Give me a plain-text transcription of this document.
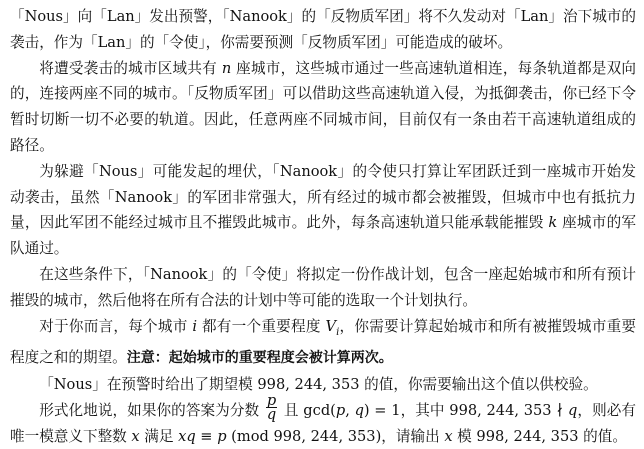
「Nous」向「Lan」发出预警，「Nanook」的「反物质军团」将不久发动对「Lan」治下城市的袭击，作为「Lan」的「令使」，你需要预测「反物质军团」可能造成的破坏。

将遭受袭击的城市区域共有 n 座城市，这些城市通过一些高速轨道相连，每条轨道都是双向的，连接两座不同的城市。「反物质军团」可以借助这些高速轨道入侵，为抵御袭击，你已经下令暂时切断一切不必要的轨道。因此，任意两座不同城市间，目前仅有一条由若干高速轨道组成的路径。

为躲避「Nous」可能发起的埋伏，「Nanook」的令使只打算让军团跃迁到一座城市开始发动袭击，虽然「Nanook」的军团非常强大，所有经过的城市都会被摧毁，但城市中也有抵抗力量，因此军团不能经过城市且不摧毁此城市。此外，每条高速轨道只能承载能摧毁 k 座城市的军队通过。

在这些条件下，「Nanook」的「令使」将拟定一份作战计划，包含一座起始城市和所有预计摧毁的城市，然后他将在所有合法的计划中等可能的选取一个计划执行。

对于你而言，每个城市 i 都有一个重要程度 $V_i$，你需要计算起始城市和所有被摧毁城市重要程度之和的期望。注意：起始城市的重要程度会被计算两次。

「Nous」在预警时给出了期望模 998, 244, 353 的值，你需要输出这个值以供校验。

形式化地说，如果你的答案为分数 $\frac{p}{q}$ 且 gcd(p, q) = 1，其中 998, 244, 353 ∤ q，则必有唯一模意义下整数 x 满足 xq ≡ p (mod 998, 244, 353)，请输出 x 模 998, 244, 353 的值。
